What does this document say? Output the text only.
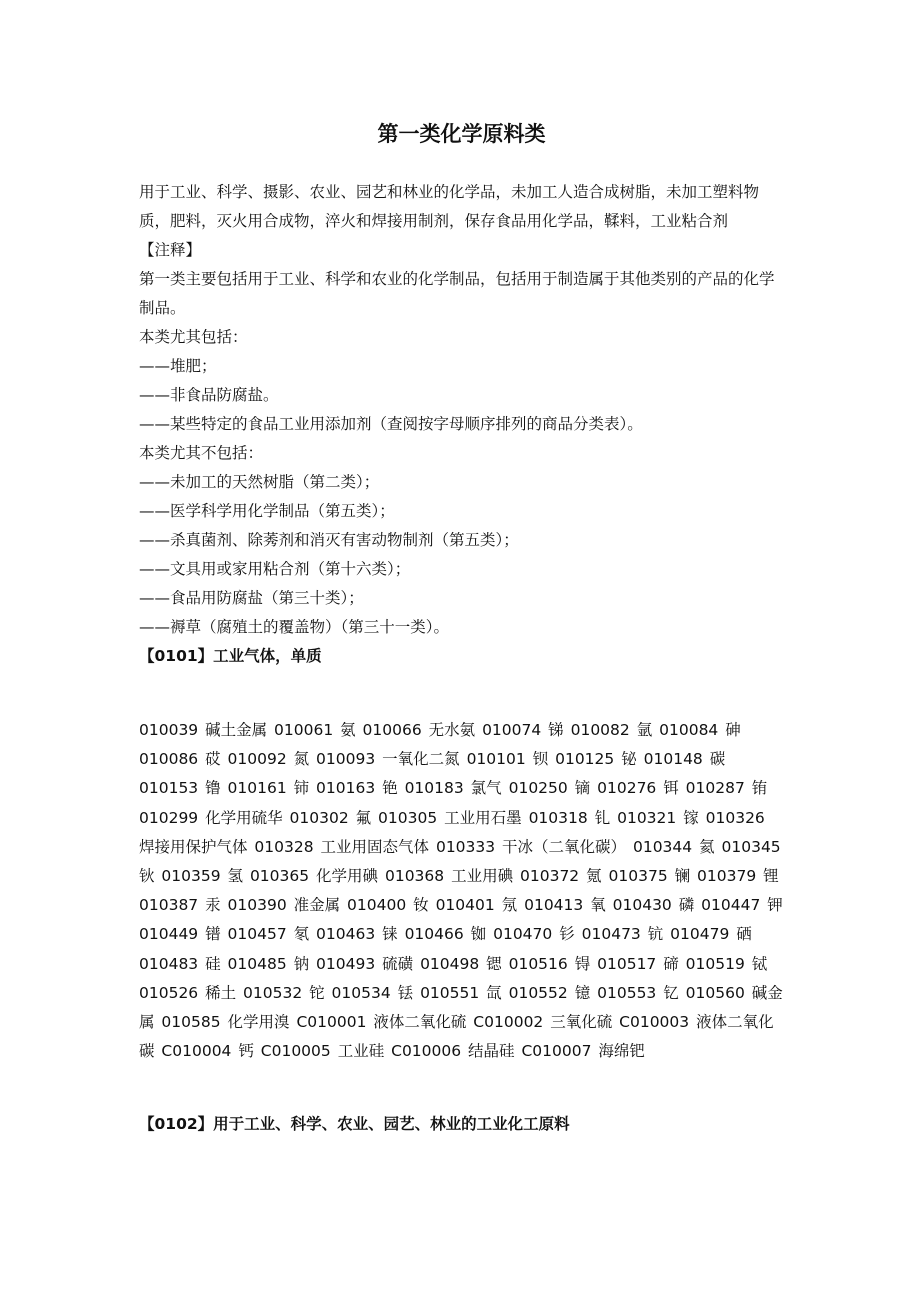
第一类化学原料类

用于工业、科学、摄影、农业、园艺和林业的化学品，未加工人造合成树脂，未加工塑料物质，肥料，灭火用合成物，淬火和焊接用制剂，保存食品用化学品，鞣料，工业粘合剂

【注释】

第一类主要包括用于工业、科学和农业的化学制品，包括用于制造属于其他类别的产品的化学制品。

本类尤其包括：

——堆肥；

——非食品防腐盐。

——某些特定的食品工业用添加剂（查阅按字母顺序排列的商品分类表）。

本类尤其不包括：

——未加工的天然树脂（第二类）；

——医学科学用化学制品（第五类）；

——杀真菌剂、除莠剂和消灭有害动物制剂（第五类）；

——文具用或家用粘合剂（第十六类）；

——食品用防腐盐（第三十类）；

——褥草（腐殖土的覆盖物）（第三十一类）。

【0101】工业气体，单质

010039 碱土金属 010061 氨 010066 无水氨 010074 锑 010082 氩 010084 砷 010086 砹 010092 氮 010093 一氧化二氮 010101 钡 010125 铋 010148 碳 010153 镥 010161 铈 010163 铯 010183 氯气 010250 镝 010276 铒 010287 铕 010299 化学用硫华 010302 氟 010305 工业用石墨 010318 钆 010321 镓 010326 焊接用保护气体 010328 工业用固态气体 010333 干冰（二氧化碳） 010344 氦 010345 钬 010359 氢 010365 化学用碘 010368 工业用碘 010372 氪 010375 镧 010379 锂 010387 汞 010390 准金属 010400 钕 010401 氖 010413 氧 010430 磷 010447 钾 010449 镨 010457 氡 010463 铼 010466 铷 010470 钐 010473 钪 010479 硒 010483 硅 010485 钠 010493 硫磺 010498 锶 010516 锝 010517 碲 010519 铽 010526 稀土 010532 铊 010534 铥 010551 氙 010552 镱 010553 钇 010560 碱金属 010585 化学用溴 C010001 液体二氧化硫 C010002 三氧化硫 C010003 液体二氧化碳 C010004 钙 C010005 工业硅 C010006 结晶硅 C010007 海绵钯
【0102】用于工业、科学、农业、园艺、林业的工业化工原料
